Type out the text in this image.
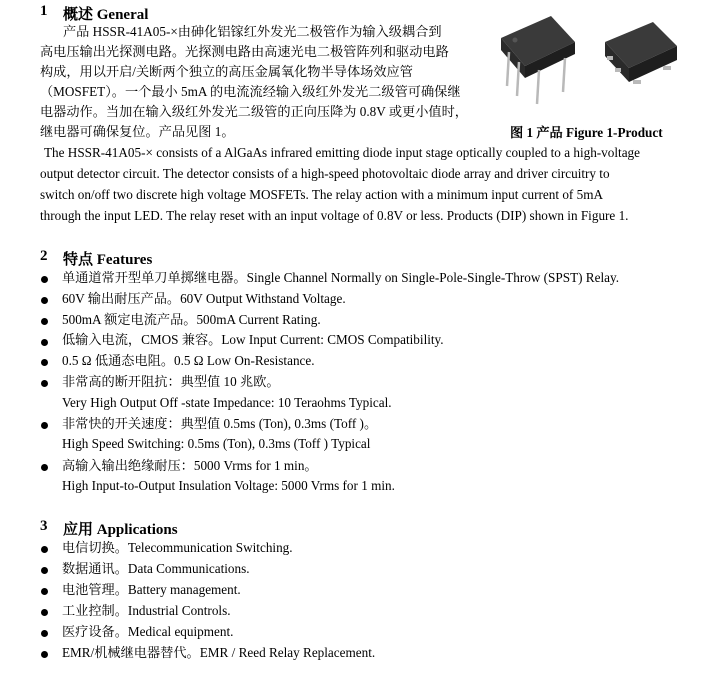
1 概述 General
产品 HSSR-41A05-×由砷化铝镓红外发光二极管作为输入级耦合到
高电压输出光探测电路。光探测电路由高速光电二极管阵列和驱动电路
构成，用以开启/关断两个独立的高压金属氧化物半导体场效应管
（MOSFET）。一个最小 5mA 的电流流经输入级红外发光二级管可确保继
电器动作。当加在输入级红外发光二级管的正向压降为 0.8V 或更小值时，
继电器可确保复位。产品见图 1。	图 1 产品 Figure 1-Product
The HSSR-41A05-× consists of a AlGaAs infrared emitting diode input stage optically coupled to a high-voltage
output detector circuit. The detector consists of a high-speed photovoltaic diode array and driver circuitry to
switch on/off two discrete high voltage MOSFETs. The relay action with a minimum input current of 5mA
through the input LED. The relay reset with an input voltage of 0.8V or less. Products (DIP) shown in Figure 1.
2 特点 Features
单通道常开型单刀单掷继电器。Single Channel Normally on Single-Pole-Single-Throw (SPST) Relay.
60V 输出耐压产品。60V Output Withstand Voltage.
500mA 额定电流产品。500mA Current Rating.
低输入电流，CMOS 兼容。Low Input Current: CMOS Compatibility.
0.5 Ω 低通态电阻。0.5 Ω Low On-Resistance.
非常高的断开阻抗：典型值 10 兆欧。
Very High Output Off -state Impedance: 10 Teraohms Typical.
非常快的开关速度：典型值 0.5ms (Ton), 0.3ms (Toff )。
High Speed Switching: 0.5ms (Ton), 0.3ms (Toff ) Typical
高输入输出绝缘耐压：5000 Vrms for 1 min。
High Input-to-Output Insulation Voltage: 5000 Vrms for 1 min.
3 应用 Applications
电信切换。Telecommunication Switching.
数据通讯。Data Communications.
电池管理。Battery management.
工业控制。Industrial Controls.
医疗设备。Medical equipment.
EMR/机械继电器替代。EMR / Reed Relay Replacement.
